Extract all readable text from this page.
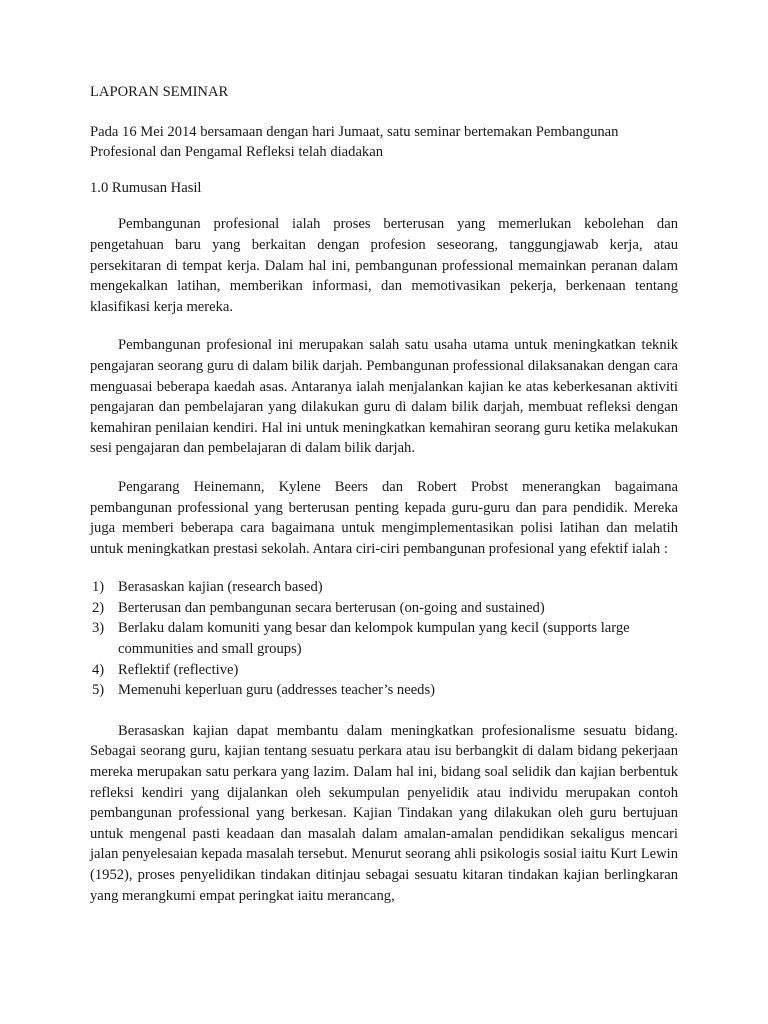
LAPORAN SEMINAR

Pada 16 Mei 2014 bersamaan dengan hari Jumaat, satu seminar bertemakan Pembangunan Profesional dan Pengamal Refleksi telah diadakan

1.0 Rumusan Hasil

Pembangunan profesional ialah proses berterusan yang memerlukan kebolehan dan pengetahuan baru yang berkaitan dengan profesion seseorang, tanggungjawab kerja, atau persekitaran di tempat kerja. Dalam hal ini, pembangunan professional memainkan peranan dalam mengekalkan latihan, memberikan informasi, dan memotivasikan pekerja, berkenaan tentang klasifikasi kerja mereka.

Pembangunan profesional ini merupakan salah satu usaha utama untuk meningkatkan teknik pengajaran seorang guru di dalam bilik darjah. Pembangunan professional dilaksanakan dengan cara menguasai beberapa kaedah asas. Antaranya ialah menjalankan kajian ke atas keberkesanan aktiviti pengajaran dan pembelajaran yang dilakukan guru di dalam bilik darjah, membuat refleksi dengan kemahiran penilaian kendiri. Hal ini untuk meningkatkan kemahiran seorang guru ketika melakukan sesi pengajaran dan pembelajaran di dalam bilik darjah.

Pengarang Heinemann, Kylene Beers dan Robert Probst menerangkan bagaimana pembangunan professional yang berterusan penting kepada guru-guru dan para pendidik. Mereka juga memberi beberapa cara bagaimana untuk mengimplementasikan polisi latihan dan melatih untuk meningkatkan prestasi sekolah. Antara ciri-ciri pembangunan profesional yang efektif ialah :

1) Berasaskan kajian (research based)
2) Berterusan dan pembangunan secara berterusan (on-going and sustained)
3) Berlaku dalam komuniti yang besar dan kelompok kumpulan yang kecil (supports large communities and small groups)
4) Reflektif (reflective)
5) Memenuhi keperluan guru (addresses teacher’s needs)

Berasaskan kajian dapat membantu dalam meningkatkan profesionalisme sesuatu bidang. Sebagai seorang guru, kajian tentang sesuatu perkara atau isu berbangkit di dalam bidang pekerjaan mereka merupakan satu perkara yang lazim. Dalam hal ini, bidang soal selidik dan kajian berbentuk refleksi kendiri yang dijalankan oleh sekumpulan penyelidik atau individu merupakan contoh pembangunan professional yang berkesan. Kajian Tindakan yang dilakukan oleh guru bertujuan untuk mengenal pasti keadaan dan masalah dalam amalan-amalan pendidikan sekaligus mencari jalan penyelesaian kepada masalah tersebut. Menurut seorang ahli psikologis sosial iaitu Kurt Lewin (1952), proses penyelidikan tindakan ditinjau sebagai sesuatu kitaran tindakan kajian berlingkaran yang merangkumi empat peringkat iaitu merancang,
